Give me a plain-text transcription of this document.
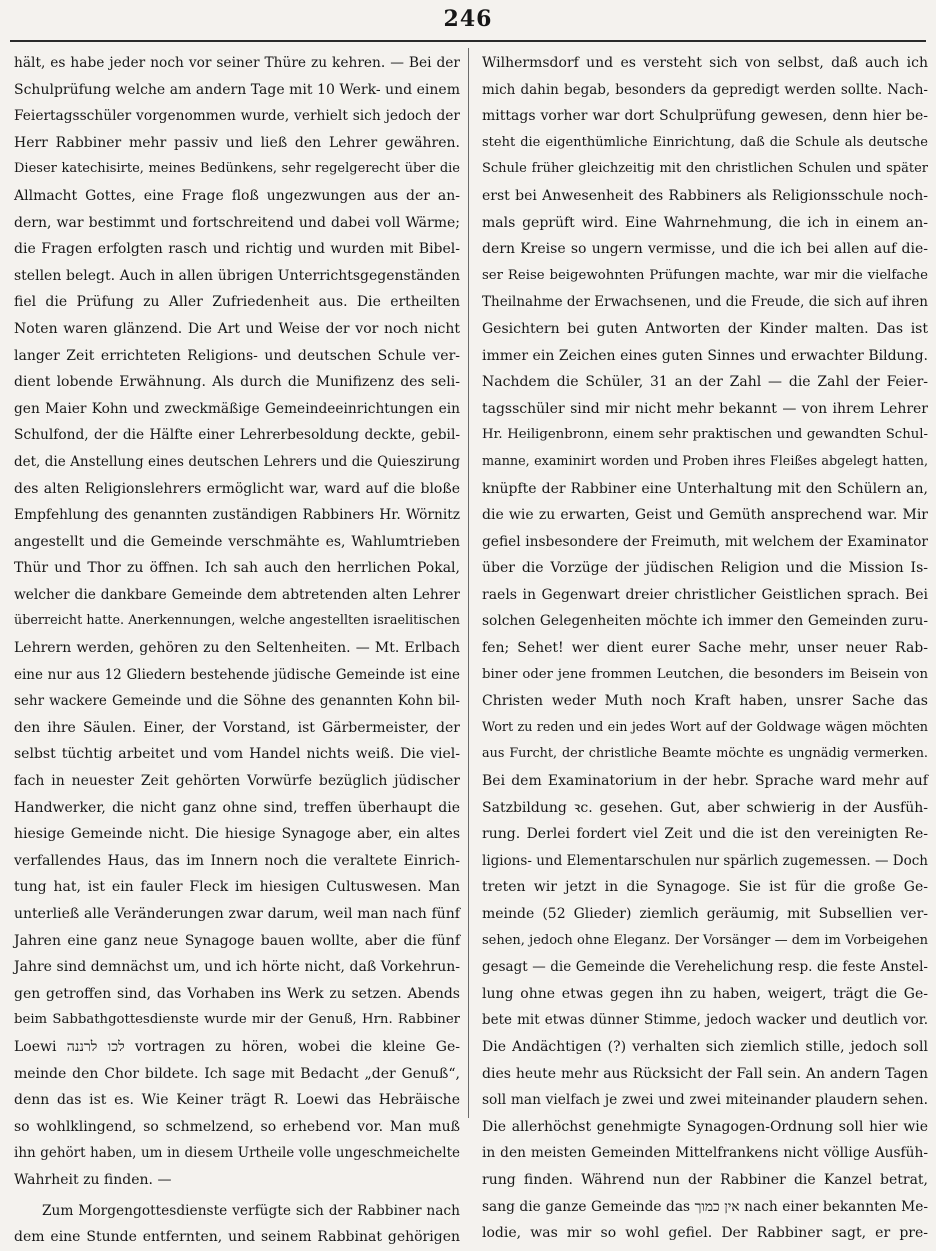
246
hält, es habe jeder noch vor seiner Thüre zu kehren. — Bei der
Schulprüfung welche am andern Tage mit 10 Werk- und einem
Feiertagsschüler vorgenommen wurde, verhielt sich jedoch der
Herr Rabbiner mehr passiv und ließ den Lehrer gewähren.
Dieser katechisirte, meines Bedünkens, sehr regelgerecht über die
Allmacht Gottes, eine Frage floß ungezwungen aus der an-
dern, war bestimmt und fortschreitend und dabei voll Wärme;
die Fragen erfolgten rasch und richtig und wurden mit Bibel-
stellen belegt. Auch in allen übrigen Unterrichtsgegenständen
fiel die Prüfung zu Aller Zufriedenheit aus. Die ertheilten
Noten waren glänzend. Die Art und Weise der vor noch nicht
langer Zeit errichteten Religions- und deutschen Schule ver-
dient lobende Erwähnung. Als durch die Munifizenz des seli-
gen Maier Kohn und zweckmäßige Gemeindeeinrichtungen ein
Schulfond, der die Hälfte einer Lehrerbesoldung deckte, gebil-
det, die Anstellung eines deutschen Lehrers und die Quieszirung
des alten Religionslehrers ermöglicht war, ward auf die bloße
Empfehlung des genannten zuständigen Rabbiners Hr. Wörnitz
angestellt und die Gemeinde verschmähte es, Wahlumtrieben
Thür und Thor zu öffnen. Ich sah auch den herrlichen Pokal,
welcher die dankbare Gemeinde dem abtretenden alten Lehrer
überreicht hatte. Anerkennungen, welche angestellten israelitischen
Lehrern werden, gehören zu den Seltenheiten. — Mt. Erlbach
eine nur aus 12 Gliedern bestehende jüdische Gemeinde ist eine
sehr wackere Gemeinde und die Söhne des genannten Kohn bil-
den ihre Säulen. Einer, der Vorstand, ist Gärbermeister, der
selbst tüchtig arbeitet und vom Handel nichts weiß. Die viel-
fach in neuester Zeit gehörten Vorwürfe bezüglich jüdischer
Handwerker, die nicht ganz ohne sind, treffen überhaupt die
hiesige Gemeinde nicht. Die hiesige Synagoge aber, ein altes
verfallendes Haus, das im Innern noch die veraltete Einrich-
tung hat, ist ein fauler Fleck im hiesigen Cultuswesen. Man
unterließ alle Veränderungen zwar darum, weil man nach fünf
Jahren eine ganz neue Synagoge bauen wollte, aber die fünf
Jahre sind demnächst um, und ich hörte nicht, daß Vorkehrun-
gen getroffen sind, das Vorhaben ins Werk zu setzen. Abends
beim Sabbathgottesdienste wurde mir der Genuß, Hrn. Rabbiner
Loewi לכו לרננה vortragen zu hören, wobei die kleine Ge-
meinde den Chor bildete. Ich sage mit Bedacht „der Genuß“,
denn das ist es. Wie Keiner trägt R. Loewi das Hebräische
so wohlklingend, so schmelzend, so erhebend vor. Man muß
ihn gehört haben, um in diesem Urtheile volle ungeschmeichelte
Wahrheit zu finden. —
Zum Morgengottesdienste verfügte sich der Rabbiner nach
dem eine Stunde entfernten, und seinem Rabbinat gehörigen
Wilhermsdorf und es versteht sich von selbst, daß auch ich
mich dahin begab, besonders da gepredigt werden sollte. Nach-
mittags vorher war dort Schulprüfung gewesen, denn hier be-
steht die eigenthümliche Einrichtung, daß die Schule als deutsche
Schule früher gleichzeitig mit den christlichen Schulen und später
erst bei Anwesenheit des Rabbiners als Religionsschule noch-
mals geprüft wird. Eine Wahrnehmung, die ich in einem an-
dern Kreise so ungern vermisse, und die ich bei allen auf die-
ser Reise beigewohnten Prüfungen machte, war mir die vielfache
Theilnahme der Erwachsenen, und die Freude, die sich auf ihren
Gesichtern bei guten Antworten der Kinder malten. Das ist
immer ein Zeichen eines guten Sinnes und erwachter Bildung.
Nachdem die Schüler, 31 an der Zahl — die Zahl der Feier-
tagsschüler sind mir nicht mehr bekannt — von ihrem Lehrer
Hr. Heiligenbronn, einem sehr praktischen und gewandten Schul-
manne, examinirt worden und Proben ihres Fleißes abgelegt hatten,
knüpfte der Rabbiner eine Unterhaltung mit den Schülern an,
die wie zu erwarten, Geist und Gemüth ansprechend war. Mir
gefiel insbesondere der Freimuth, mit welchem der Examinator
über die Vorzüge der jüdischen Religion und die Mission Is-
raels in Gegenwart dreier christlicher Geistlichen sprach. Bei
solchen Gelegenheiten möchte ich immer den Gemeinden zuru-
fen; Sehet! wer dient eurer Sache mehr, unser neuer Rab-
biner oder jene frommen Leutchen, die besonders im Beisein von
Christen weder Muth noch Kraft haben, unsrer Sache das
Wort zu reden und ein jedes Wort auf der Goldwage wägen möchten
aus Furcht, der christliche Beamte möchte es ungnädig vermerken.
Bei dem Examinatorium in der hebr. Sprache ward mehr auf
Satzbildung ꝛc. gesehen. Gut, aber schwierig in der Ausfüh-
rung. Derlei fordert viel Zeit und die ist den vereinigten Re-
ligions- und Elementarschulen nur spärlich zugemessen. — Doch
treten wir jetzt in die Synagoge. Sie ist für die große Ge-
meinde (52 Glieder) ziemlich geräumig, mit Subsellien ver-
sehen, jedoch ohne Eleganz. Der Vorsänger — dem im Vorbeigehen
gesagt — die Gemeinde die Verehelichung resp. die feste Anstel-
lung ohne etwas gegen ihn zu haben, weigert, trägt die Ge-
bete mit etwas dünner Stimme, jedoch wacker und deutlich vor.
Die Andächtigen (?) verhalten sich ziemlich stille, jedoch soll
dies heute mehr aus Rücksicht der Fall sein. An andern Tagen
soll man vielfach je zwei und zwei miteinander plaudern sehen.
Die allerhöchst genehmigte Synagogen-Ordnung soll hier wie
in den meisten Gemeinden Mittelfrankens nicht völlige Ausfüh-
rung finden. Während nun der Rabbiner die Kanzel betrat,
sang die ganze Gemeinde das אין כמוך nach einer bekannten Me-
lodie, was mir so wohl gefiel. Der Rabbiner sagt, er pre-
